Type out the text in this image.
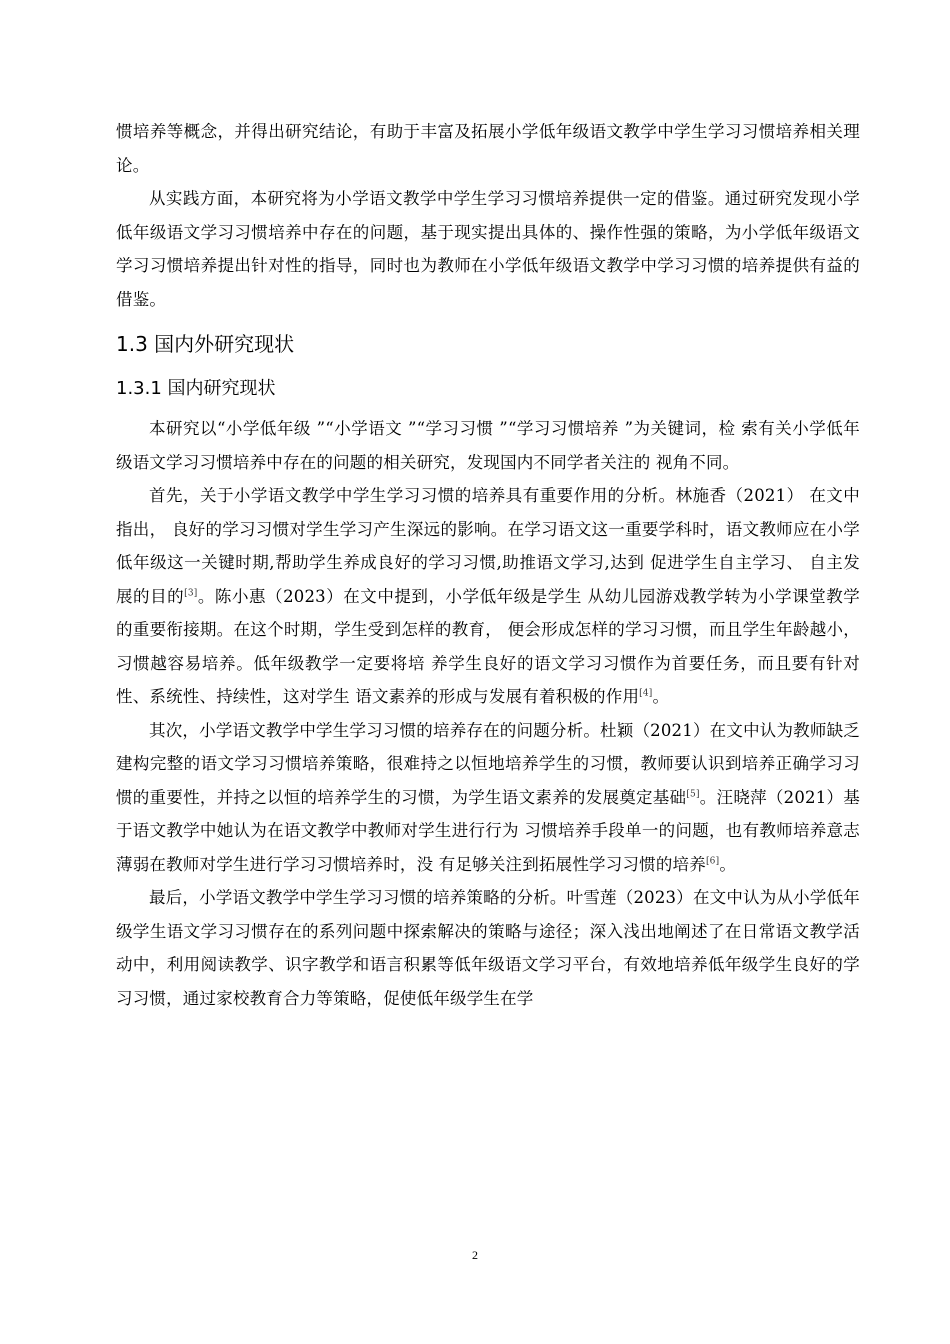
惯培养等概念，并得出研究结论，有助于丰富及拓展小学低年级语文教学中学生学习习惯培养相关理论。

从实践方面，本研究将为小学语文教学中学生学习习惯培养提供一定的借鉴。通过研究发现小学低年级语文学习习惯培养中存在的问题，基于现实提出具体的、操作性强的策略，为小学低年级语文学习习惯培养提出针对性的指导，同时也为教师在小学低年级语文教学中学习习惯的培养提供有益的借鉴。

1.3 国内外研究现状
1.3.1 国内研究现状

本研究以“小学低年级 ”“小学语文 ”“学习习惯 ”“学习习惯培养 ”为关键词，检 索有关小学低年级语文学习习惯培养中存在的问题的相关研究，发现国内不同学者关注的 视角不同。

首先，关于小学语文教学中学生学习习惯的培养具有重要作用的分析。林施香（2021） 在文中指出， 良好的学习习惯对学生学习产生深远的影响。在学习语文这一重要学科时，语文教师应在小学低年级这一关键时期,帮助学生养成良好的学习习惯,助推语文学习,达到 促进学生自主学习、 自主发展的目的[3]。陈小惠（2023）在文中提到，小学低年级是学生 从幼儿园游戏教学转为小学课堂教学的重要衔接期。在这个时期，学生受到怎样的教育， 便会形成怎样的学习习惯，而且学生年龄越小，习惯越容易培养。低年级教学一定要将培 养学生良好的语文学习习惯作为首要任务，而且要有针对性、系统性、持续性，这对学生 语文素养的形成与发展有着积极的作用[4]。

其次，小学语文教学中学生学习习惯的培养存在的问题分析。杜颖（2021）在文中认为教师缺乏建构完整的语文学习习惯培养策略，很难持之以恒地培养学生的习惯，教师要认识到培养正确学习习惯的重要性，并持之以恒的培养学生的习惯，为学生语文素养的发展奠定基础[5]。汪晓萍（2021）基于语文教学中她认为在语文教学中教师对学生进行行为 习惯培养手段单一的问题，也有教师培养意志薄弱在教师对学生进行学习习惯培养时，没 有足够关注到拓展性学习习惯的培养[6]。

最后，小学语文教学中学生学习习惯的培养策略的分析。叶雪莲（2023）在文中认为从小学低年级学生语文学习习惯存在的系列问题中探索解决的策略与途径；深入浅出地阐述了在日常语文教学活动中，利用阅读教学、识字教学和语言积累等低年级语文学习平台，有效地培养低年级学生良好的学习习惯，通过家校教育合力等策略，促使低年级学生在学

2
